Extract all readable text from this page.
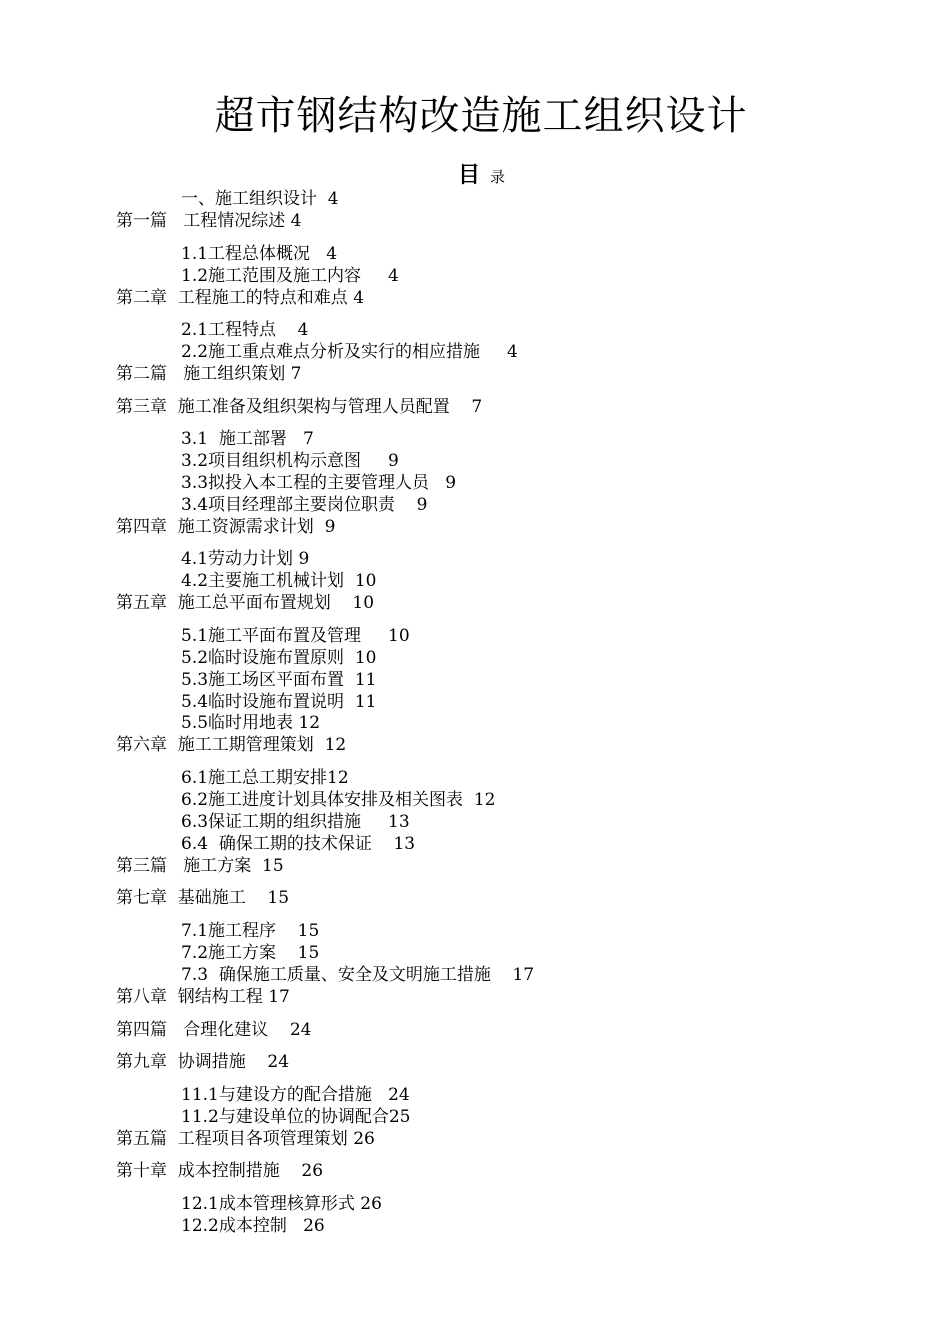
超市钢结构改造施工组织设计
目 录
一、施工组织设计  4
第一篇   工程情况综述 4
1.1工程总体概况   4
1.2施工范围及施工内容     4
第二章  工程施工的特点和难点 4
2.1工程特点    4
2.2施工重点难点分析及实行的相应措施     4
第二篇   施工组织策划 7
第三章  施工准备及组织架构与管理人员配置    7
3.1  施工部署   7
3.2项目组织机构示意图     9
3.3拟投入本工程的主要管理人员   9
3.4项目经理部主要岗位职责    9
第四章  施工资源需求计划  9
4.1劳动力计划 9
4.2主要施工机械计划  10
第五章  施工总平面布置规划    10
5.1施工平面布置及管理     10
5.2临时设施布置原则  10
5.3施工场区平面布置  11
5.4临时设施布置说明  11
5.5临时用地表 12
第六章  施工工期管理策划  12
6.1施工总工期安排12
6.2施工进度计划具体安排及相关图表  12
6.3保证工期的组织措施     13
6.4  确保工期的技术保证    13
第三篇   施工方案  15
第七章  基础施工    15
7.1施工程序    15
7.2施工方案    15
7.3  确保施工质量、安全及文明施工措施    17
第八章  钢结构工程 17
第四篇   合理化建议    24
第九章  协调措施    24
11.1与建设方的配合措施   24
11.2与建设单位的协调配合25
第五篇  工程项目各项管理策划 26
第十章  成本控制措施    26
12.1成本管理核算形式 26
12.2成本控制   26
